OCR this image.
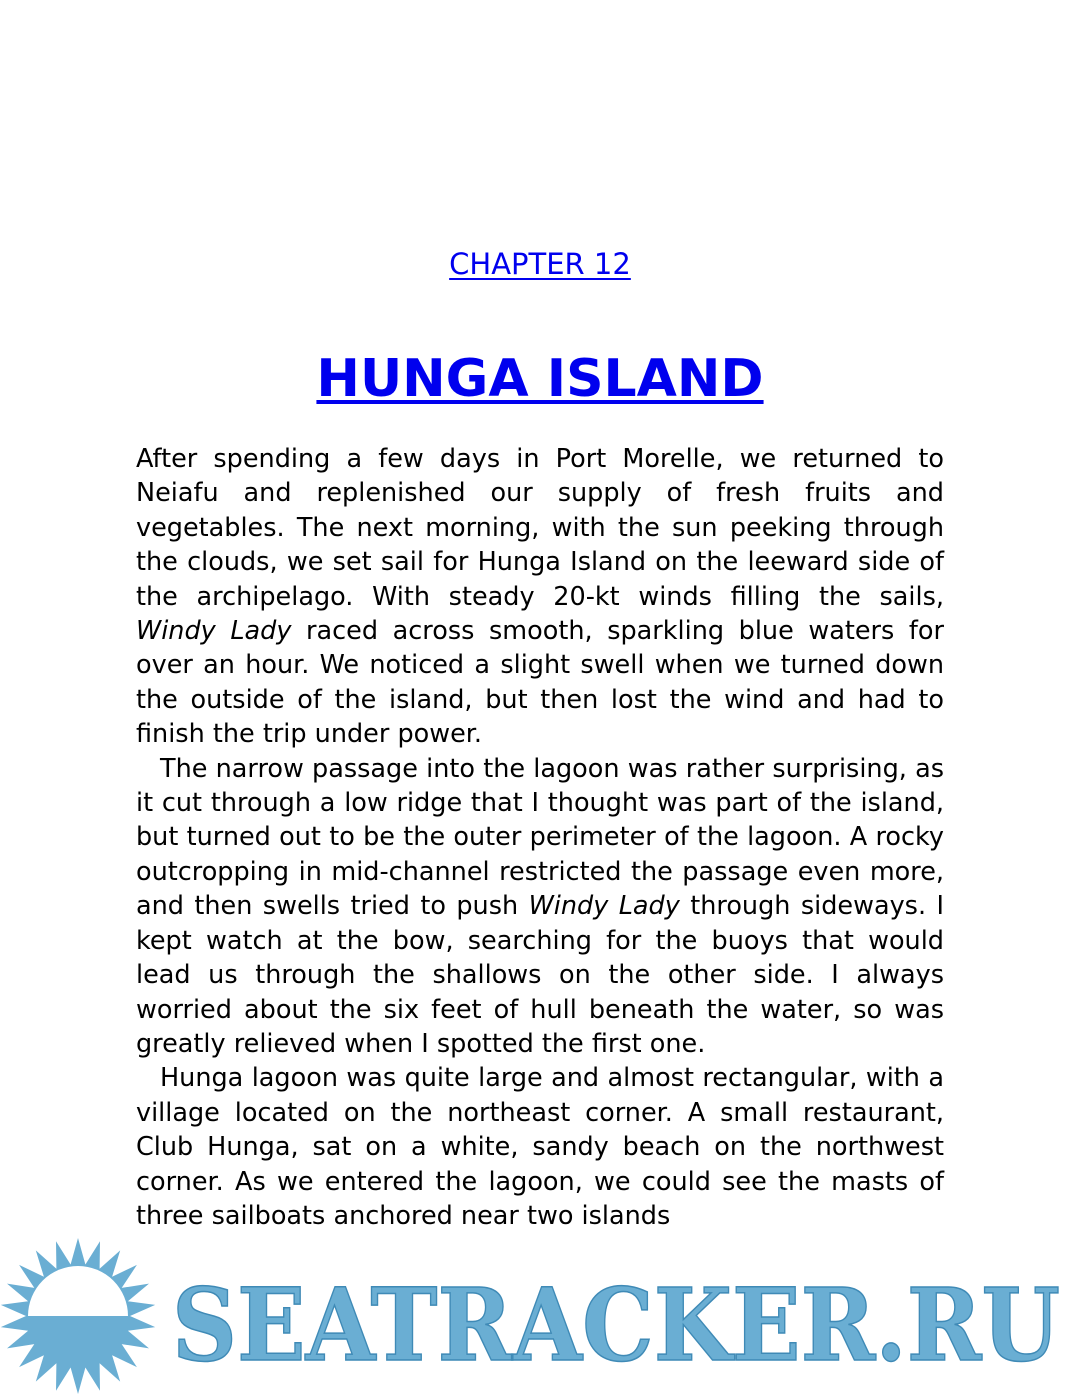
CHAPTER 12
HUNGA ISLAND

After spending a few days in Port Morelle, we returned to Neiafu and replenished our supply of fresh fruits and vegetables. The next morning, with the sun peeking through the clouds, we set sail for Hunga Island on the leeward side of the archipelago. With steady 20-kt winds filling the sails, Windy Lady raced across smooth, sparkling blue waters for over an hour. We noticed a slight swell when we turned down the outside of the island, but then lost the wind and had to finish the trip under power.

The narrow passage into the lagoon was rather surprising, as it cut through a low ridge that I thought was part of the island, but turned out to be the outer perimeter of the lagoon. A rocky outcropping in mid-channel restricted the passage even more, and then swells tried to push Windy Lady through sideways. I kept watch at the bow, searching for the buoys that would lead us through the shallows on the other side. I always worried about the six feet of hull beneath the water, so was greatly relieved when I spotted the first one.

Hunga lagoon was quite large and almost rectangular, with a village located on the northeast corner. A small restaurant, Club Hunga, sat on a white, sandy beach on the northwest corner. As we entered the lagoon, we could see the masts of three sailboats anchored near two islands

SEATRACKER.RU
